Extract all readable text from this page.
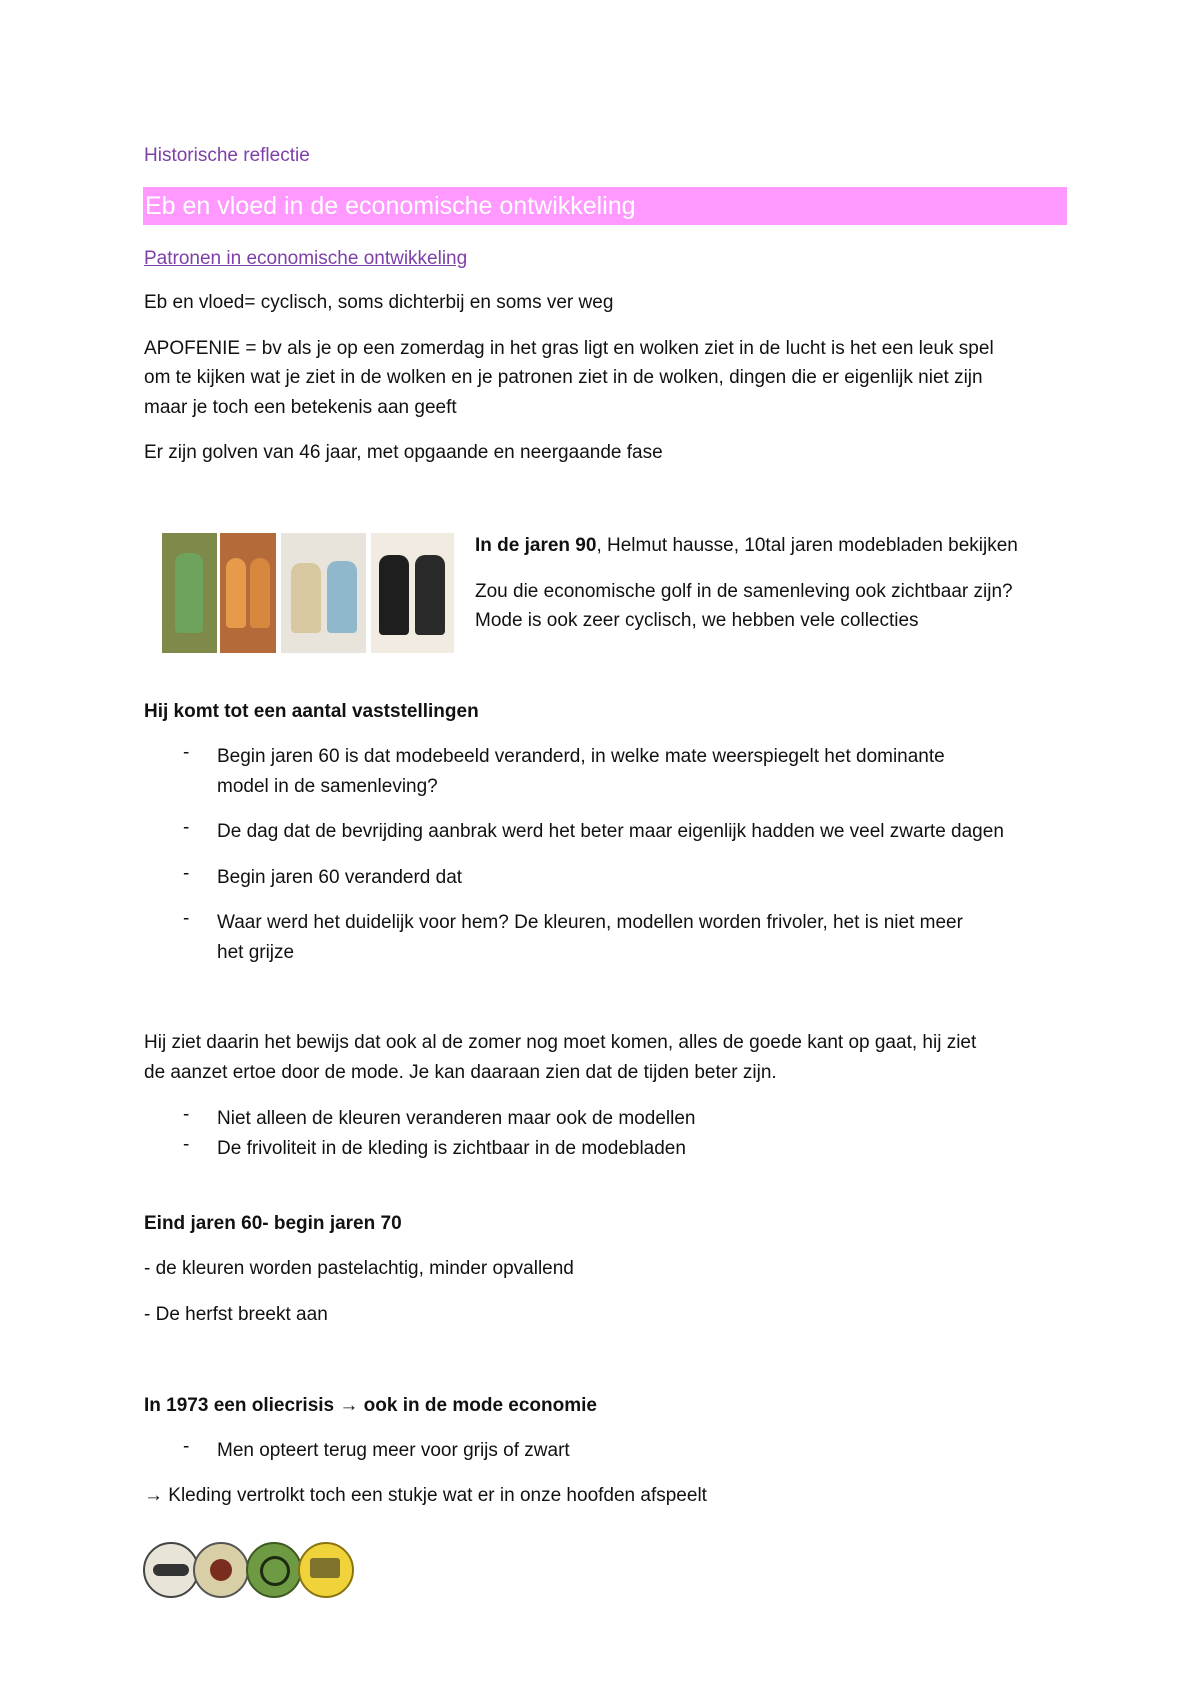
Historische reflectie
Eb en vloed in de economische ontwikkeling
Patronen in economische ontwikkeling
Eb en vloed= cyclisch, soms dichterbij en soms ver weg
APOFENIE = bv als je op een zomerdag in het gras ligt en wolken ziet in de lucht is het een leuk spel
om te kijken wat je ziet in de wolken en je patronen ziet in de wolken, dingen die er eigenlijk niet zijn
maar je toch een betekenis aan geeft
Er zijn golven van 46 jaar, met opgaande en neergaande fase
In de jaren 90, Helmut hausse, 10tal jaren modebladen bekijken
Zou die economische golf in de samenleving ook zichtbaar zijn?
Mode is ook zeer cyclisch, we hebben vele collecties
Hij komt tot een aantal vaststellingen
- Begin jaren 60 is dat modebeeld veranderd, in welke mate weerspiegelt het dominante
model in de samenleving?
- De dag dat de bevrijding aanbrak werd het beter maar eigenlijk hadden we veel zwarte dagen
- Begin jaren 60 veranderd dat
- Waar werd het duidelijk voor hem? De kleuren, modellen worden frivoler, het is niet meer
het grijze
Hij ziet daarin het bewijs dat ook al de zomer nog moet komen, alles de goede kant op gaat, hij ziet
de aanzet ertoe door de mode. Je kan daaraan zien dat de tijden beter zijn.
- Niet alleen de kleuren veranderen maar ook de modellen
- De frivoliteit in de kleding is zichtbaar in de modebladen
Eind jaren 60- begin jaren 70
- de kleuren worden pastelachtig, minder opvallend
- De herfst breekt aan
In 1973 een oliecrisis → ook in de mode economie
- Men opteert terug meer voor grijs of zwart
→ Kleding vertrolkt toch een stukje wat er in onze hoofden afspeelt
